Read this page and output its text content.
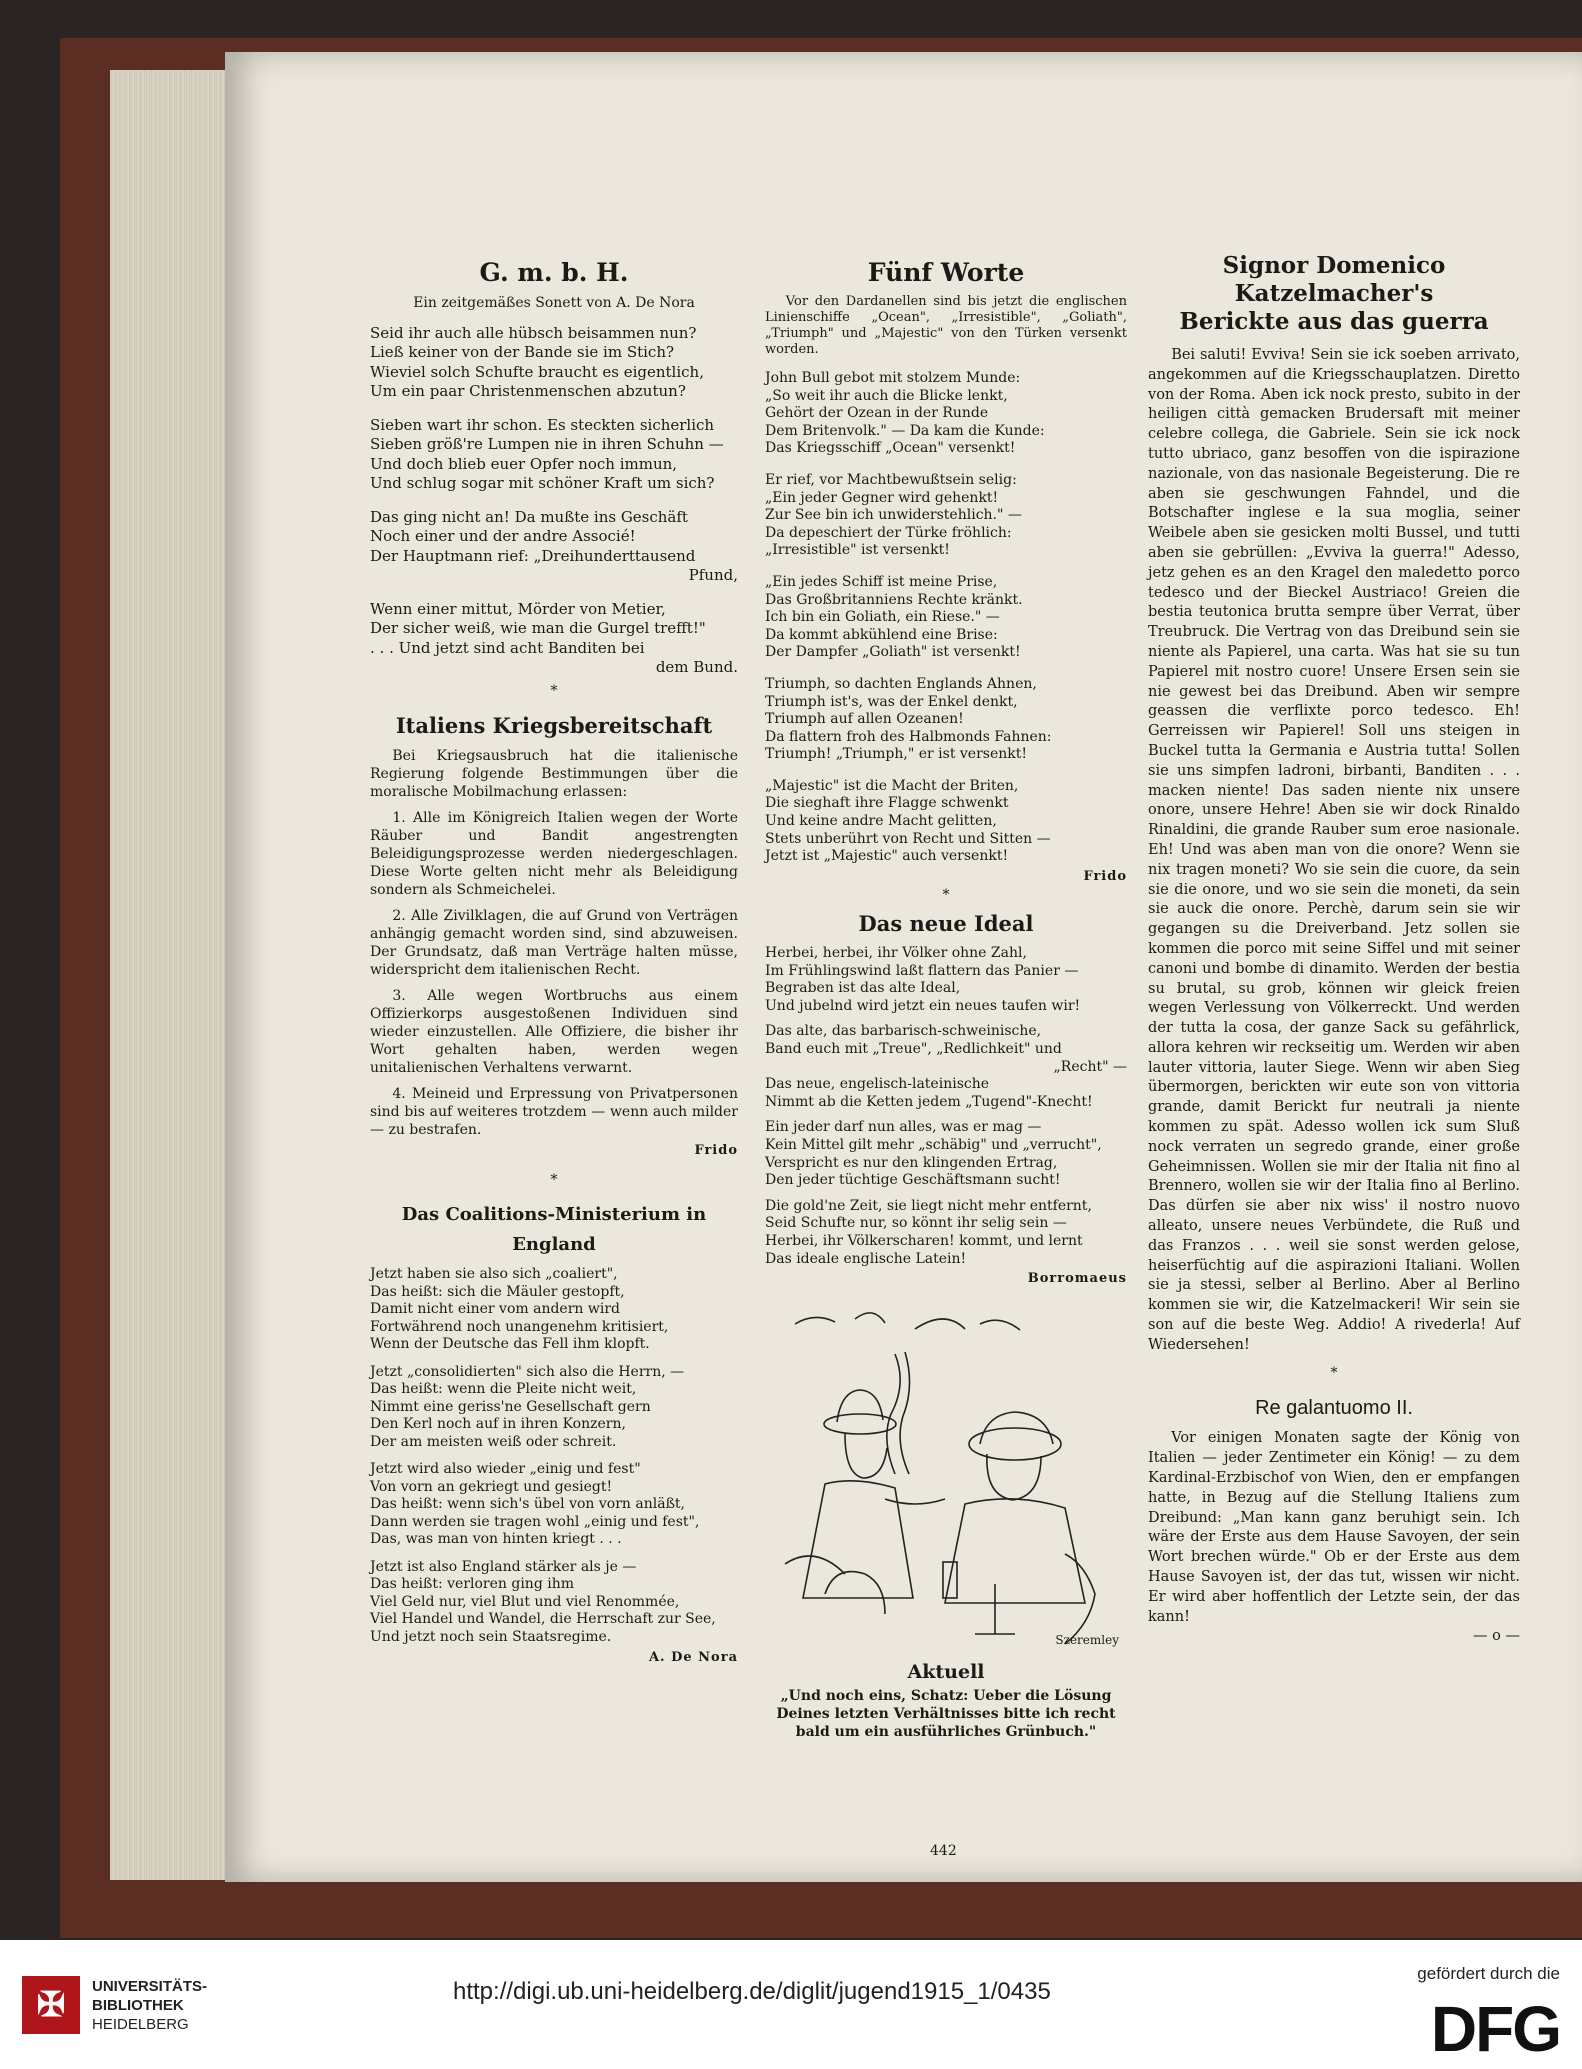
G. m. b. H.
Ein zeitgemäßes Sonett von A. De Nora
Seid ihr auch alle hübsch beisammen nun?
Ließ keiner von der Bande sie im Stich?
Wieviel solch Schufte braucht es eigentlich,
Um ein paar Christenmenschen abzutun?
Sieben wart ihr schon. Es steckten sicherlich
Sieben größ're Lumpen nie in ihren Schuhn —
Und doch blieb euer Opfer noch immun,
Und schlug sogar mit schöner Kraft um sich?
Das ging nicht an! Da mußte ins Geschäft
Noch einer und der andre Associé!
Der Hauptmann rief: „Dreihunderttausend
Pfund,
Wenn einer mittut, Mörder von Metier,
Der sicher weiß, wie man die Gurgel trefft!"
. . . Und jetzt sind acht Banditen bei
dem Bund.
*
Italiens Kriegsbereitschaft
Bei Kriegsausbruch hat die italienische Regierung folgende Bestimmungen über die moralische Mobilmachung erlassen:
1. Alle im Königreich Italien wegen der Worte Räuber und Bandit angestrengten Beleidigungsprozesse werden niedergeschlagen. Diese Worte gelten nicht mehr als Beleidigung sondern als Schmeichelei.
2. Alle Zivilklagen, die auf Grund von Verträgen anhängig gemacht worden sind, sind abzuweisen. Der Grundsatz, daß man Verträge halten müsse, widerspricht dem italienischen Recht.
3. Alle wegen Wortbruchs aus einem Offizierkorps ausgestoßenen Individuen sind wieder einzustellen. Alle Offiziere, die bisher ihr Wort gehalten haben, werden wegen unitalienischen Verhaltens verwarnt.
4. Meineid und Erpressung von Privatpersonen sind bis auf weiteres trotzdem — wenn auch milder — zu bestrafen.
Frido
*
Das Coalitions-Ministerium in England
Jetzt haben sie also sich „coaliert",
Das heißt: sich die Mäuler gestopft,
Damit nicht einer vom andern wird
Fortwährend noch unangenehm kritisiert,
Wenn der Deutsche das Fell ihm klopft.
Jetzt „consolidierten" sich also die Herrn, —
Das heißt: wenn die Pleite nicht weit,
Nimmt eine geriss'ne Gesellschaft gern
Den Kerl noch auf in ihren Konzern,
Der am meisten weiß oder schreit.
Jetzt wird also wieder „einig und fest"
Von vorn an gekriegt und gesiegt!
Das heißt: wenn sich's übel von vorn anläßt,
Dann werden sie tragen wohl „einig und fest",
Das, was man von hinten kriegt . . .
Jetzt ist also England stärker als je —
Das heißt: verloren ging ihm
Viel Geld nur, viel Blut und viel Renommée,
Viel Handel und Wandel, die Herrschaft zur See,
Und jetzt noch sein Staatsregime.
A. De Nora
Fünf Worte
Vor den Dardanellen sind bis jetzt die englischen Linienschiffe „Ocean", „Irresistible", „Goliath", „Triumph" und „Majestic" von den Türken versenkt worden.
John Bull gebot mit stolzem Munde:
„So weit ihr auch die Blicke lenkt,
Gehört der Ozean in der Runde
Dem Britenvolk." — Da kam die Kunde:
Das Kriegsschiff „Ocean" versenkt!
Er rief, vor Machtbewußtsein selig:
„Ein jeder Gegner wird gehenkt!
Zur See bin ich unwiderstehlich." —
Da depeschiert der Türke fröhlich:
„Irresistible" ist versenkt!
„Ein jedes Schiff ist meine Prise,
Das Großbritanniens Rechte kränkt.
Ich bin ein Goliath, ein Riese." —
Da kommt abkühlend eine Brise:
Der Dampfer „Goliath" ist versenkt!
Triumph, so dachten Englands Ahnen,
Triumph ist's, was der Enkel denkt,
Triumph auf allen Ozeanen!
Da flattern froh des Halbmonds Fahnen:
Triumph! „Triumph," er ist versenkt!
„Majestic" ist die Macht der Briten,
Die sieghaft ihre Flagge schwenkt
Und keine andre Macht gelitten,
Stets unberührt von Recht und Sitten —
Jetzt ist „Majestic" auch versenkt!
Frido
*
Das neue Ideal
Herbei, herbei, ihr Völker ohne Zahl,
Im Frühlingswind laßt flattern das Panier —
Begraben ist das alte Ideal,
Und jubelnd wird jetzt ein neues taufen wir!
Das alte, das barbarisch-schweinische,
Band euch mit „Treue", „Redlichkeit" und
„Recht" —
Das neue, engelisch-lateinische
Nimmt ab die Ketten jedem „Tugend"-Knecht!
Ein jeder darf nun alles, was er mag —
Kein Mittel gilt mehr „schäbig" und „verrucht",
Verspricht es nur den klingenden Ertrag,
Den jeder tüchtige Geschäftsmann sucht!
Die gold'ne Zeit, sie liegt nicht mehr entfernt,
Seid Schufte nur, so könnt ihr selig sein —
Herbei, ihr Völkerscharen! kommt, und lernt
Das ideale englische Latein!
Borromaeus
Szeremley
Aktuell
„Und noch eins, Schatz: Ueber die Lösung Deines letzten Verhältnisses bitte ich recht bald um ein ausführliches Grünbuch."
Signor Domenico Katzelmacher's
Berickte aus das guerra
Bei saluti! Evviva! Sein sie ick soeben arrivato, angekommen auf die Kriegsschauplatzen. Diretto von der Roma. Aben ick nock presto, subito in der heiligen città gemacken Brudersaft mit meiner celebre collega, die Gabriele. Sein sie ick nock tutto ubriaco, ganz besoffen von die ispirazione nazionale, von das nasionale Begeisterung. Die re aben sie geschwungen Fahndel, und die Botschafter inglese e la sua moglia, seiner Weibele aben sie gesicken molti Bussel, und tutti aben sie gebrüllen: „Evviva la guerra!" Adesso, jetz gehen es an den Kragel den maledetto porco tedesco und der Bieckel Austriaco! Greien die bestia teutonica brutta sempre über Verrat, über Treubruck. Die Vertrag von das Dreibund sein sie niente als Papierel, una carta. Was hat sie su tun Papierel mit nostro cuore! Unsere Ersen sein sie nie gewest bei das Dreibund. Aben wir sempre geassen die verflixte porco tedesco. Eh! Gerreissen wir Papierel! Soll uns steigen in Buckel tutta la Germania e Austria tutta! Sollen sie uns simpfen ladroni, birbanti, Banditen . . . macken niente! Das saden niente nix unsere onore, unsere Hehre! Aben sie wir dock Rinaldo Rinaldini, die grande Rauber sum eroe nasionale. Eh! Und was aben man von die onore? Wenn sie nix tragen moneti? Wo sie sein die cuore, da sein sie die onore, und wo sie sein die moneti, da sein sie auck die onore. Perchè, darum sein sie wir gegangen su die Dreiverband. Jetz sollen sie kommen die porco mit seine Siffel und mit seiner canoni und bombe di dinamito. Werden der bestia su brutal, su grob, können wir gleick freien wegen Verlessung von Völkerreckt. Und werden der tutta la cosa, der ganze Sack su gefährlick, allora kehren wir reckseitig um. Werden wir aben lauter vittoria, lauter Siege. Wenn wir aben Sieg übermorgen, berickten wir eute son von vittoria grande, damit Berickt fur neutrali ja niente kommen zu spät. Adesso wollen ick sum Sluß nock verraten un segredo grande, einer große Geheimnissen. Wollen sie mir der Italia nit fino al Brennero, wollen sie wir der Italia fino al Berlino. Das dürfen sie aber nix wiss' il nostro nuovo alleato, unsere neues Verbündete, die Ruß und das Franzos . . . weil sie sonst werden gelose, heiserfüchtig auf die aspirazioni Italiani. Wollen sie ja stessi, selber al Berlino. Aber al Berlino kommen sie wir, die Katzelmackeri! Wir sein sie son auf die beste Weg. Addio! A rivederla! Auf Wiedersehen!
*
Re galantuomo II.
Vor einigen Monaten sagte der König von Italien — jeder Zentimeter ein König! — zu dem Kardinal-Erzbischof von Wien, den er empfangen hatte, in Bezug auf die Stellung Italiens zum Dreibund: „Man kann ganz beruhigt sein. Ich wäre der Erste aus dem Hause Savoyen, der sein Wort brechen würde." Ob er der Erste aus dem Hause Savoyen ist, der das tut, wissen wir nicht. Er wird aber hoffentlich der Letzte sein, der das kann!
— o —
442
✠	UNIVERSITÄTS-
BIBLIOTHEK
HEIDELBERG
http://digi.ub.uni-heidelberg.de/diglit/jugend1915_1/0435
gefördert durch die
DFG
